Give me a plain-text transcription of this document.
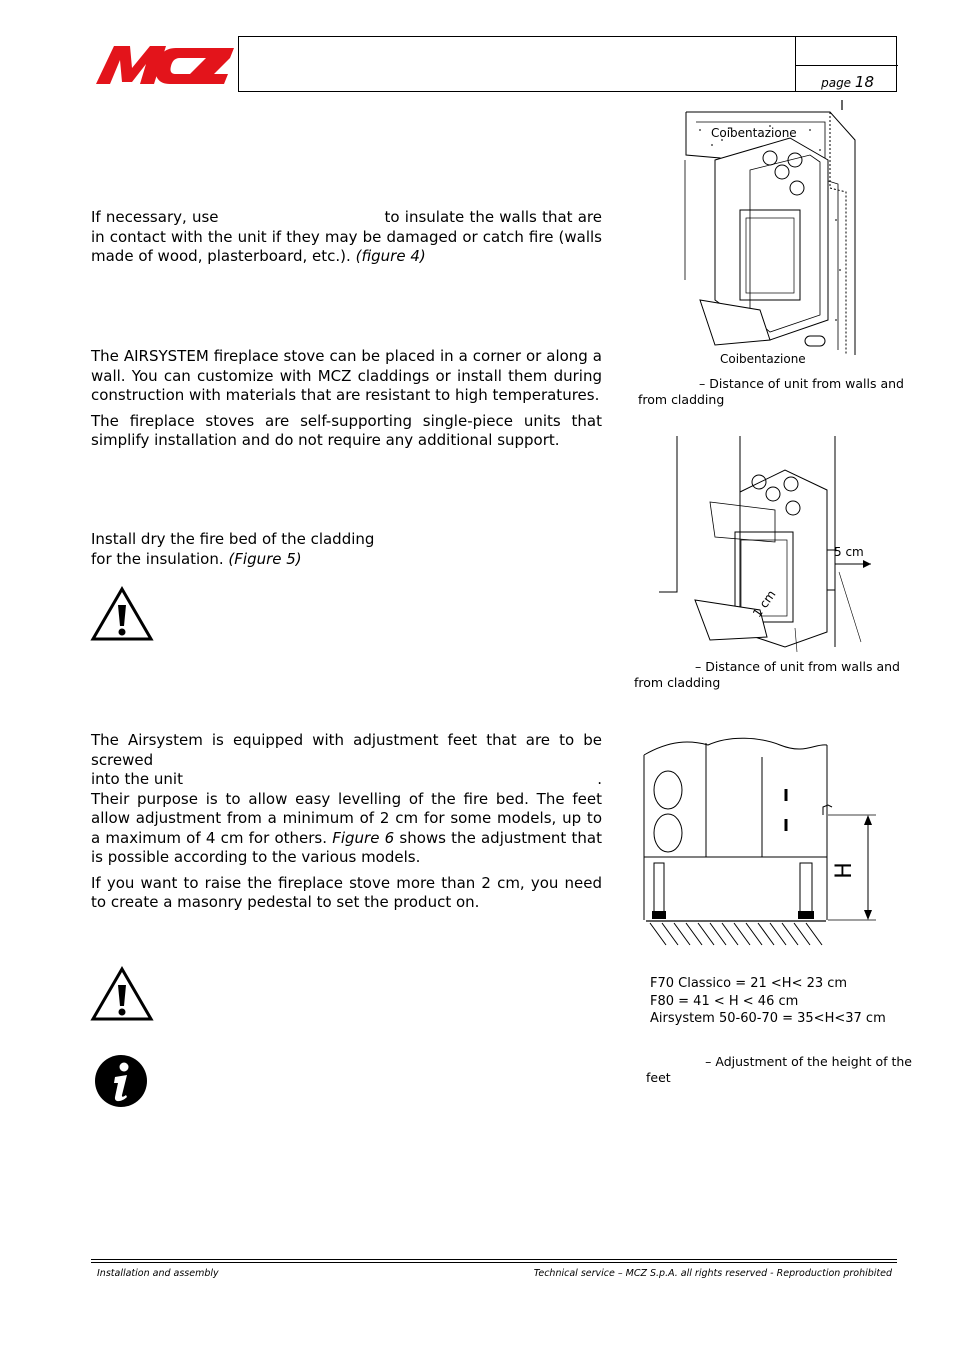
page 18

If necessary, use	to insulate the walls that are in contact with the unit if they may be damaged or catch fire (walls made of wood, plasterboard, etc.). (figure 4)

The AIRSYSTEM fireplace stove can be placed in a corner or along a wall. You can customize with MCZ claddings or install them during construction with materials that are resistant to high temperatures.

The fireplace stoves are self-supporting single-piece units that simplify installation and do not require any additional support.

Install dry the fire bed of the cladding
for the insulation. (Figure 5)

The Airsystem is equipped with adjustment feet that are to be screwed

into the unit	.

Their purpose is to allow easy levelling of the fire bed. The feet allow adjustment from a minimum of 2 cm for some models, up to a maximum of 4 cm for others. Figure 6 shows the adjustment that is possible according to the various models.

If you want to raise the fireplace stove more than 2 cm, you need to create a masonry pedestal to set the product on.

Coibentazione
Coibentazione
– Distance of unit from walls and
from cladding
5 cm
1 cm
– Distance of unit from walls and
from cladding
H
F70 Classico = 21 <H< 23 cm
F80 = 41 < H < 46 cm
Airsystem 50-60-70 = 35<H<37 cm
– Adjustment of the height of the
feet
Installation and assembly	Technical service – MCZ S.p.A. all rights reserved - Reproduction prohibited
